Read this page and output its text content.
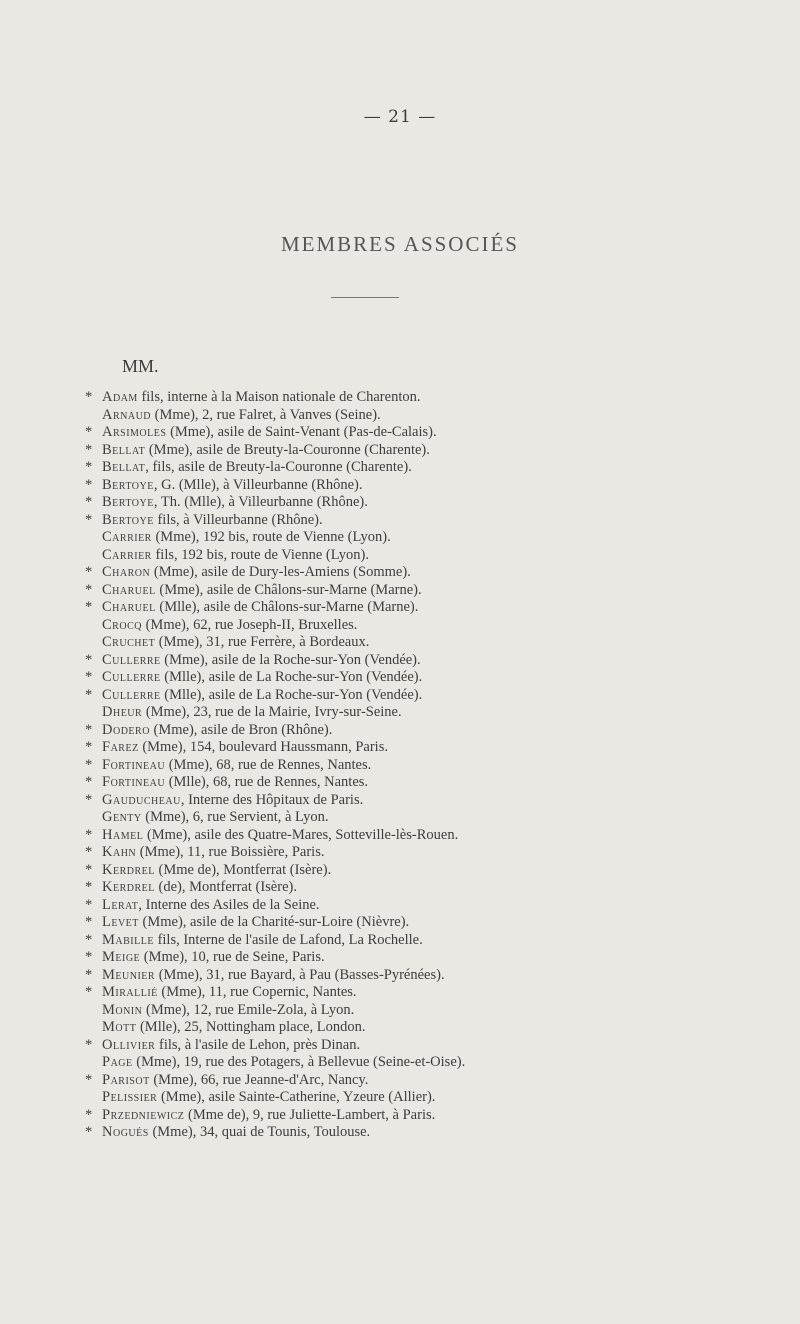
— 21 —
MEMBRES ASSOCIÉS
MM.
* Adam fils, interne à la Maison nationale de Charenton.
Arnaud (Mme), 2, rue Falret, à Vanves (Seine).
* Arsimoles (Mme), asile de Saint-Venant (Pas-de-Calais).
* Bellat (Mme), asile de Breuty-la-Couronne (Charente).
* Bellat, fils, asile de Breuty-la-Couronne (Charente).
* Bertoye, G. (Mlle), à Villeurbanne (Rhône).
* Bertoye, Th. (Mlle), à Villeurbanne (Rhône).
* Bertoye fils, à Villeurbanne (Rhône).
Carrier (Mme), 192 bis, route de Vienne (Lyon).
Carrier fils, 192 bis, route de Vienne (Lyon).
* Charon (Mme), asile de Dury-les-Amiens (Somme).
* Charuel (Mme), asile de Châlons-sur-Marne (Marne).
* Charuel (Mlle), asile de Châlons-sur-Marne (Marne).
Crocq (Mme), 62, rue Joseph-II, Bruxelles.
Cruchet (Mme), 31, rue Ferrère, à Bordeaux.
* Cullerre (Mme), asile de la Roche-sur-Yon (Vendée).
* Cullerre (Mlle), asile de La Roche-sur-Yon (Vendée).
* Cullerre (Mlle), asile de La Roche-sur-Yon (Vendée).
Dheur (Mme), 23, rue de la Mairie, Ivry-sur-Seine.
* Dodero (Mme), asile de Bron (Rhône).
* Farez (Mme), 154, boulevard Haussmann, Paris.
* Fortineau (Mme), 68, rue de Rennes, Nantes.
* Fortineau (Mlle), 68, rue de Rennes, Nantes.
* Gauducheau, Interne des Hôpitaux de Paris.
Genty (Mme), 6, rue Servient, à Lyon.
* Hamel (Mme), asile des Quatre-Mares, Sotteville-lès-Rouen.
* Kahn (Mme), 11, rue Boissière, Paris.
* Kerdrel (Mme de), Montferrat (Isère).
* Kerdrel (de), Montferrat (Isère).
* Lerat, Interne des Asiles de la Seine.
* Levet (Mme), asile de la Charité-sur-Loire (Nièvre).
* Mabille fils, Interne de l'asile de Lafond, La Rochelle.
* Meige (Mme), 10, rue de Seine, Paris.
* Meunier (Mme), 31, rue Bayard, à Pau (Basses-Pyrénées).
* Mirallié (Mme), 11, rue Copernic, Nantes.
Monin (Mme), 12, rue Emile-Zola, à Lyon.
Mott (Mlle), 25, Nottingham place, London.
* Ollivier fils, à l'asile de Lehon, près Dinan.
Page (Mme), 19, rue des Potagers, à Bellevue (Seine-et-Oise).
* Parisot (Mme), 66, rue Jeanne-d'Arc, Nancy.
Pelissier (Mme), asile Sainte-Catherine, Yzeure (Allier).
* Przedniewicz (Mme de), 9, rue Juliette-Lambert, à Paris.
* Nogués (Mme), 34, quai de Tounis, Toulouse.
